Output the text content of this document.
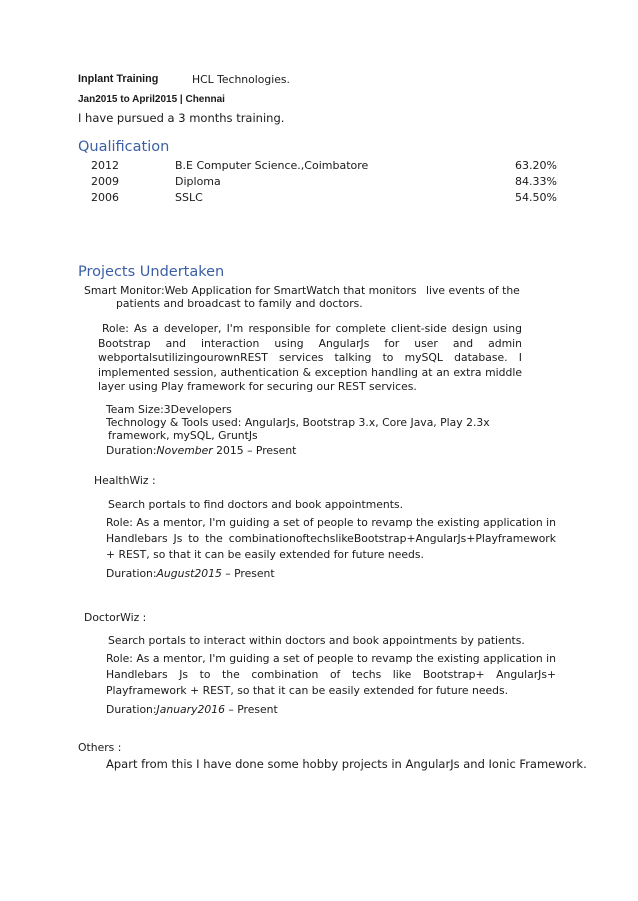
Inplant Training	HCL Technologies.
Jan2015 to April2015 | Chennai
I have pursued a 3 months training.
Qualification
2012	B.E Computer Science.,Coimbatore	63.20%
2009	Diploma	84.33%
2006	SSLC	54.50%
Projects Undertaken
Smart Monitor:Web Application for SmartWatch that monitors live events of the
patients and broadcast to family and doctors.
Role: As a developer, I'm responsible for complete client-side design using Bootstrap and interaction using AngularJs for user and admin webportalsutilizingourownREST services talking to mySQL database. I implemented session, authentication & exception handling at an extra middle layer using Play framework for securing our REST services.
Team Size:3Developers
Technology & Tools used: AngularJs, Bootstrap 3.x, Core Java, Play 2.3x
framework, mySQL, GruntJs
Duration:November 2015 – Present
HealthWiz :
Search portals to find doctors and book appointments.
Role: As a mentor, I'm guiding a set of people to revamp the existing application in Handlebars Js to the combinationoftechslikeBootstrap+AngularJs+Playframework + REST, so that it can be easily extended for future needs.
Duration:August2015 – Present
DoctorWiz :
Search portals to interact within doctors and book appointments by patients.
Role: As a mentor, I'm guiding a set of people to revamp the existing application in Handlebars Js to the combination of techs like Bootstrap+ AngularJs+ Playframework + REST, so that it can be easily extended for future needs.
Duration:January2016 – Present
Others :
Apart from this I have done some hobby projects in AngularJs and Ionic Framework.
